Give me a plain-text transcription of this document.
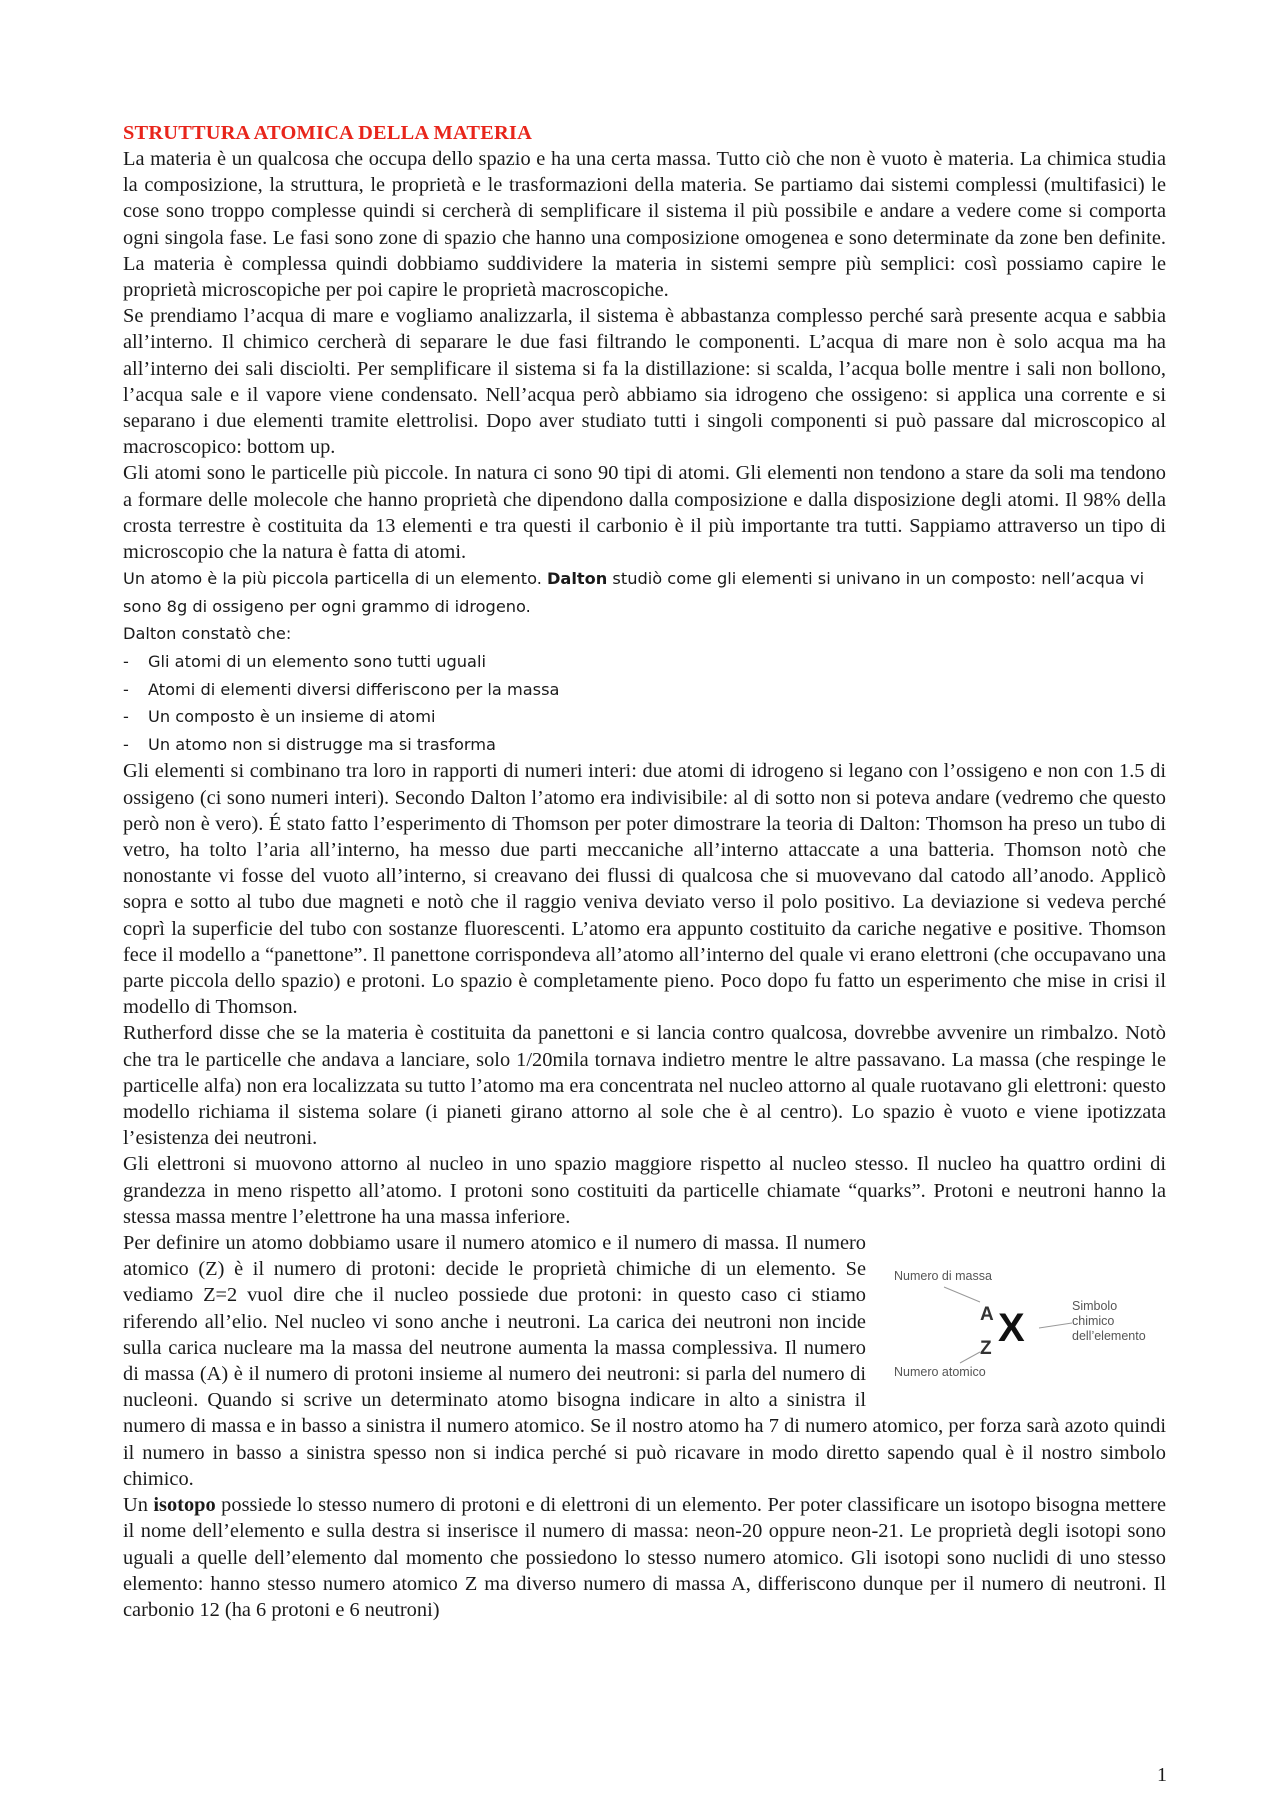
STRUTTURA ATOMICA DELLA MATERIA

La materia è un qualcosa che occupa dello spazio e ha una certa massa. Tutto ciò che non è vuoto è materia. La chimica studia la composizione, la struttura, le proprietà e le trasformazioni della materia. Se partiamo dai sistemi complessi (multifasici) le cose sono troppo complesse quindi si cercherà di semplificare il sistema il più possibile e andare a vedere come si comporta ogni singola fase. Le fasi sono zone di spazio che hanno una composizione omogenea e sono determinate da zone ben definite. La materia è complessa quindi dobbiamo suddividere la materia in sistemi sempre più semplici: così possiamo capire le proprietà microscopiche per poi capire le proprietà macroscopiche.

Se prendiamo l’acqua di mare e vogliamo analizzarla, il sistema è abbastanza complesso perché sarà presente acqua e sabbia all’interno. Il chimico cercherà di separare le due fasi filtrando le componenti. L’acqua di mare non è solo acqua ma ha all’interno dei sali disciolti. Per semplificare il sistema si fa la distillazione: si scalda, l’acqua bolle mentre i sali non bollono, l’acqua sale e il vapore viene condensato. Nell’acqua però abbiamo sia idrogeno che ossigeno: si applica una corrente e si separano i due elementi tramite elettrolisi. Dopo aver studiato tutti i singoli componenti si può passare dal microscopico al macroscopico: bottom up.

Gli atomi sono le particelle più piccole. In natura ci sono 90 tipi di atomi. Gli elementi non tendono a stare da soli ma tendono a formare delle molecole che hanno proprietà che dipendono dalla composizione e dalla disposizione degli atomi. Il 98% della crosta terrestre è costituita da 13 elementi e tra questi il carbonio è il più importante tra tutti. Sappiamo attraverso un tipo di microscopio che la natura è fatta di atomi.

Un atomo è la più piccola particella di un elemento. Dalton studiò come gli elementi si univano in un composto: nell’acqua vi sono 8g di ossigeno per ogni grammo di idrogeno.

Dalton constatò che:

- Gli atomi di un elemento sono tutti uguali
- Atomi di elementi diversi differiscono per la massa
- Un composto è un insieme di atomi
- Un atomo non si distrugge ma si trasforma

Gli elementi si combinano tra loro in rapporti di numeri interi: due atomi di idrogeno si legano con l’ossigeno e non con 1.5 di ossigeno (ci sono numeri interi). Secondo Dalton l’atomo era indivisibile: al di sotto non si poteva andare (vedremo che questo però non è vero). É stato fatto l’esperimento di Thomson per poter dimostrare la teoria di Dalton: Thomson ha preso un tubo di vetro, ha tolto l’aria all’interno, ha messo due parti meccaniche all’interno attaccate a una batteria. Thomson notò che nonostante vi fosse del vuoto all’interno, si creavano dei flussi di qualcosa che si muovevano dal catodo all’anodo. Applicò sopra e sotto al tubo due magneti e notò che il raggio veniva deviato verso il polo positivo. La deviazione si vedeva perché coprì la superficie del tubo con sostanze fluorescenti. L’atomo era appunto costituito da cariche negative e positive. Thomson fece il modello a “panettone”. Il panettone corrispondeva all’atomo all’interno del quale vi erano elettroni (che occupavano una parte piccola dello spazio) e protoni. Lo spazio è completamente pieno. Poco dopo fu fatto un esperimento che mise in crisi il modello di Thomson.

Rutherford disse che se la materia è costituita da panettoni e si lancia contro qualcosa, dovrebbe avvenire un rimbalzo. Notò che tra le particelle che andava a lanciare, solo 1/20mila tornava indietro mentre le altre passavano. La massa (che respinge le particelle alfa) non era localizzata su tutto l’atomo ma era concentrata nel nucleo attorno al quale ruotavano gli elettroni: questo modello richiama il sistema solare (i pianeti girano attorno al sole che è al centro). Lo spazio è vuoto e viene ipotizzata l’esistenza dei neutroni.

Gli elettroni si muovono attorno al nucleo in uno spazio maggiore rispetto al nucleo stesso. Il nucleo ha quattro ordini di grandezza in meno rispetto all’atomo. I protoni sono costituiti da particelle chiamate “quarks”. Protoni e neutroni hanno la stessa massa mentre l’elettrone ha una massa inferiore.

Numero di massa
A
Z X
Numero atomico
Simbolo
chimico
dell’elemento

Per definire un atomo dobbiamo usare il numero atomico e il numero di massa. Il numero atomico (Z) è il numero di protoni: decide le proprietà chimiche di un elemento. Se vediamo Z=2 vuol dire che il nucleo possiede due protoni: in questo caso ci stiamo riferendo all’elio. Nel nucleo vi sono anche i neutroni. La carica dei neutroni non incide sulla carica nucleare ma la massa del neutrone aumenta la massa complessiva. Il numero di massa (A) è il numero di protoni insieme al numero dei neutroni: si parla del numero di nucleoni. Quando si scrive un determinato atomo bisogna indicare in alto a sinistra il numero di massa e in basso a sinistra il numero atomico. Se il nostro atomo ha 7 di numero atomico, per forza sarà azoto quindi il numero in basso a sinistra spesso non si indica perché si può ricavare in modo diretto sapendo qual è il nostro simbolo chimico.

Un isotopo possiede lo stesso numero di protoni e di elettroni di un elemento. Per poter classificare un isotopo bisogna mettere il nome dell’elemento e sulla destra si inserisce il numero di massa: neon-20 oppure neon-21. Le proprietà degli isotopi sono uguali a quelle dell’elemento dal momento che possiedono lo stesso numero atomico. Gli isotopi sono nuclidi di uno stesso elemento: hanno stesso numero atomico Z ma diverso numero di massa A, differiscono dunque per il numero di neutroni. Il carbonio 12 (ha 6 protoni e 6 neutroni)

1
